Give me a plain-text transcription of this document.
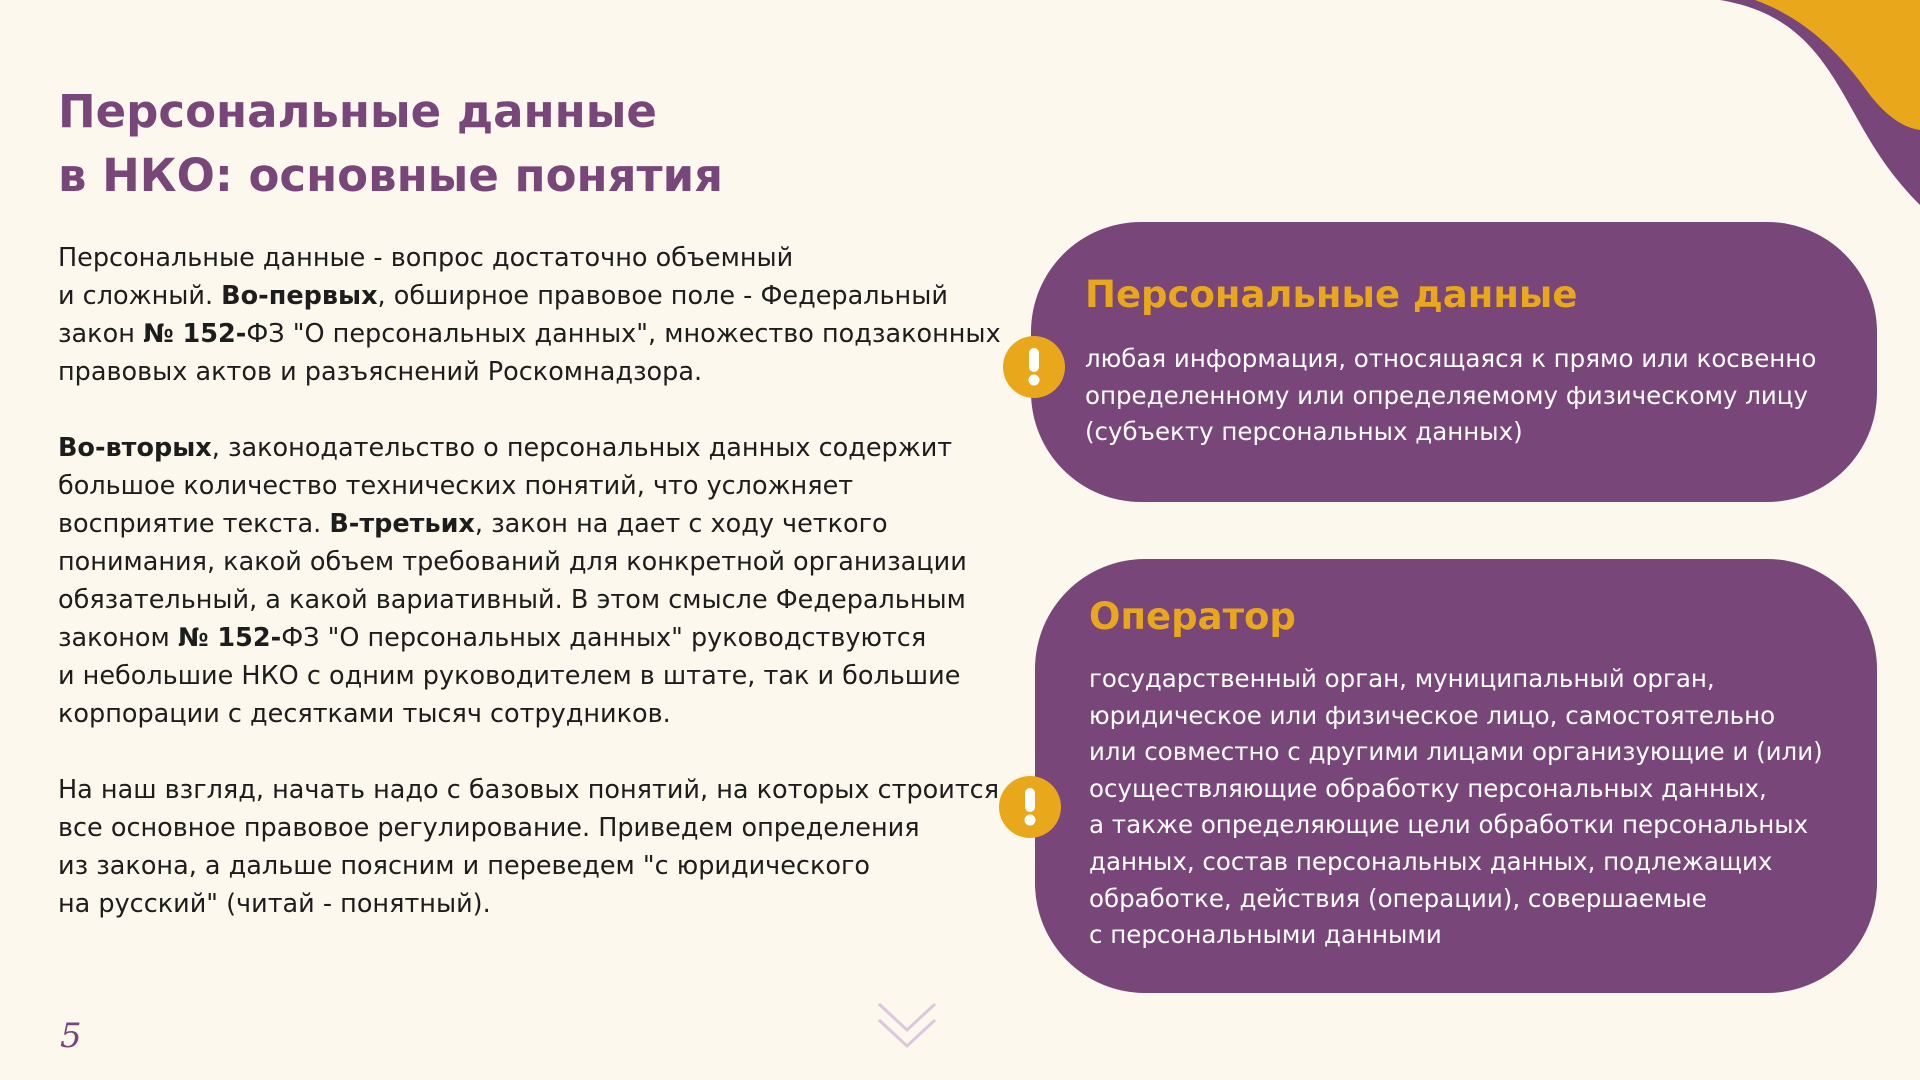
Персональные данные
в НКО: основные понятия

Персональные данные - вопрос достаточно объемный
и сложный. Во-первых, обширное правовое поле - Федеральный
закон № 152-ФЗ "О персональных данных", множество подзаконных
правовых актов и разъяснений Роскомнадзора.

Во-вторых, законодательство о персональных данных содержит
большое количество технических понятий, что усложняет
восприятие текста. В-третьих, закон на дает с ходу четкого
понимания, какой объем требований для конкретной организации
обязательный, а какой вариативный. В этом смысле Федеральным
законом № 152-ФЗ "О персональных данных" руководствуются
и небольшие НКО с одним руководителем в штате, так и большие
корпорации с десятками тысяч сотрудников.

На наш взгляд, начать надо с базовых понятий, на которых строится
все основное правовое регулирование. Приведем определения
из закона, а дальше поясним и переведем "с юридического
на русский" (читай - понятный).

Персональные данные
любая информация, относящаяся к прямо или косвенно
определенному или определяемому физическому лицу
(субъекту персональных данных)
Оператор
государственный орган, муниципальный орган,
юридическое или физическое лицо, самостоятельно
или совместно с другими лицами организующие и (или)
осуществляющие обработку персональных данных,
а также определяющие цели обработки персональных
данных, состав персональных данных, подлежащих
обработке, действия (операции), совершаемые
с персональными данными
5
